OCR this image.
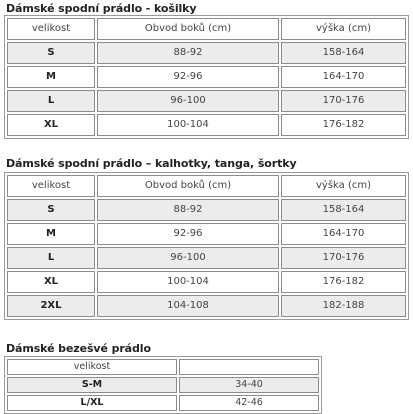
Dámské spodní prádlo - košilky
velikost	Obvod boků (cm)	výška (cm)
S	88-92	158-164
M	92-96	164-170
L	96-100	170-176
XL	100-104	176-182
Dámské spodní prádlo – kalhotky, tanga, šortky
velikost	Obvod boků (cm)	výška (cm)
S	88-92	158-164
M	92-96	164-170
L	96-100	170-176
XL	100-104	176-182
2XL	104-108	182-188
Dámské bezešvé prádlo
velikost	
S-M	34-40
L/XL	42-46
